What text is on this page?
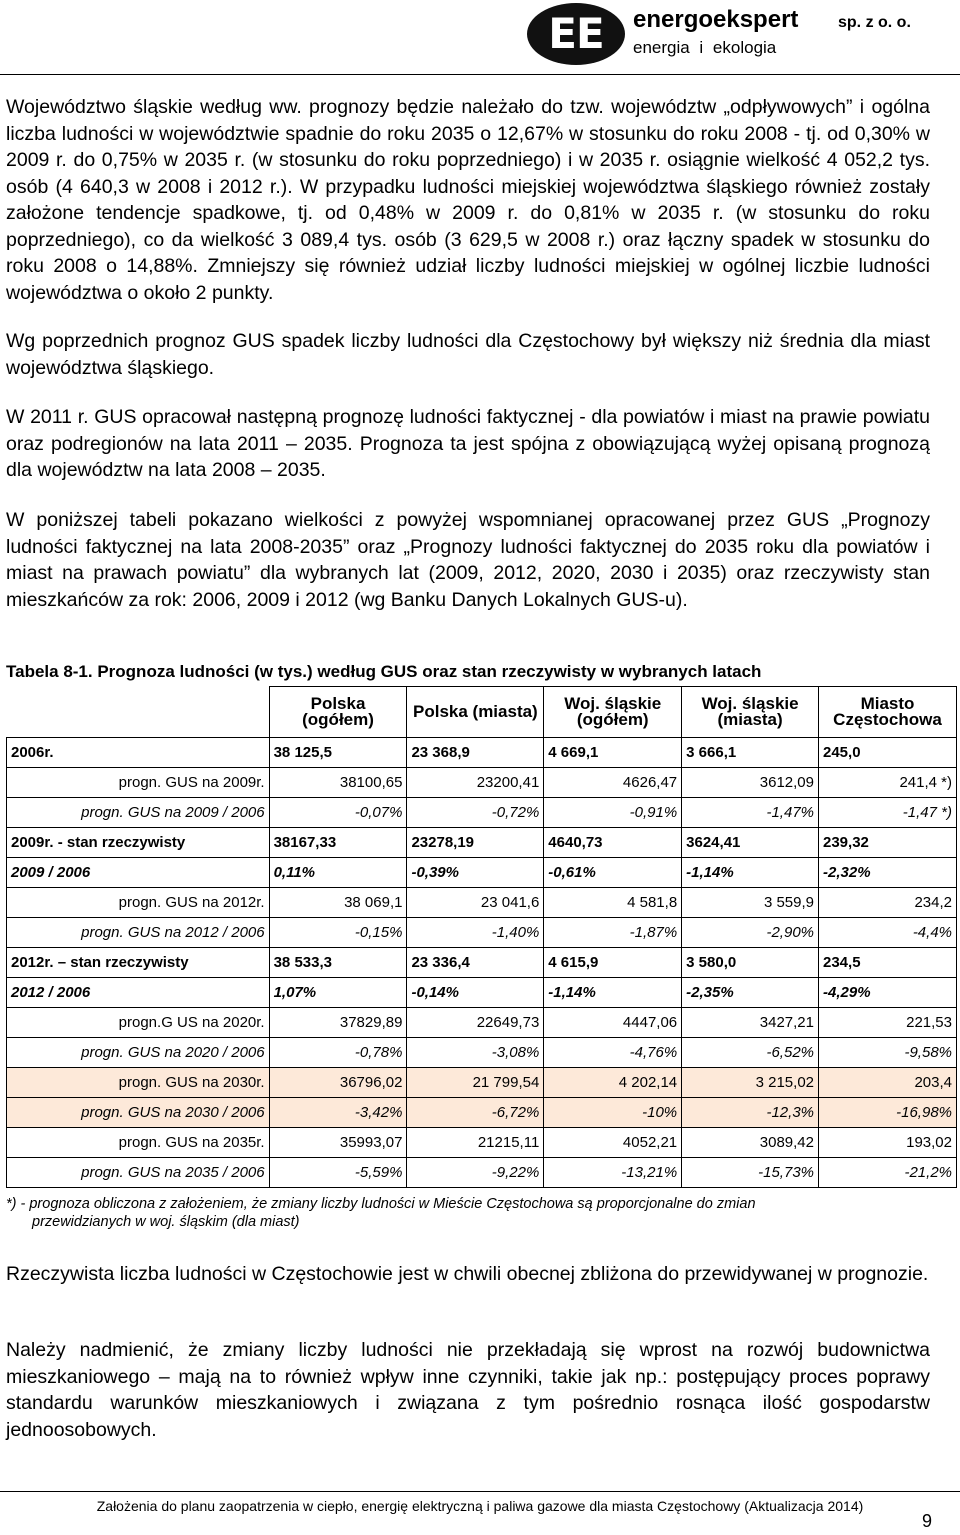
EE	energoekspert sp. z o. o.
energia i ekologia

Województwo śląskie według ww. prognozy będzie należało do tzw. województw „odpływowych” i ogólna liczba ludności w województwie spadnie do roku 2035 o 12,67% w stosunku do roku 2008 - tj. od 0,30% w 2009 r. do 0,75% w 2035 r. (w stosunku do roku poprzedniego) i w 2035 r. osiągnie wielkość 4 052,2 tys. osób (4 640,3 w 2008 i 2012 r.). W przypadku ludności miejskiej województwa śląskiego również zostały założone tendencje spadkowe, tj. od 0,48% w 2009 r. do 0,81% w 2035 r. (w stosunku do roku poprzedniego), co da wielkość 3 089,4 tys. osób (3 629,5 w 2008 r.) oraz łączny spadek w stosunku do roku 2008 o 14,88%. Zmniejszy się również udział liczby ludności miejskiej w ogólnej liczbie ludności województwa o około 2 punkty.

Wg poprzednich prognoz GUS spadek liczby ludności dla Częstochowy był większy niż średnia dla miast województwa śląskiego.

W 2011 r. GUS opracował następną prognozę ludności faktycznej - dla powiatów i miast na prawie powiatu oraz podregionów na lata 2011 – 2035. Prognoza ta jest spójna z obowiązującą wyżej opisaną prognozą dla województw na lata 2008 – 2035.

W poniższej tabeli pokazano wielkości z powyżej wspomnianej opracowanej przez GUS „Prognozy ludności faktycznej na lata 2008-2035” oraz „Prognozy ludności faktycznej do 2035 roku dla powiatów i miast na prawach powiatu” dla wybranych lat (2009, 2012, 2020, 2030 i 2035) oraz rzeczywisty stan mieszkańców za rok: 2006, 2009 i 2012 (wg Banku Danych Lokalnych GUS-u).

Tabela 8-1. Prognoza ludności (w tys.) według GUS oraz stan rzeczywisty w wybranych latach

	Polska (ogółem)	Polska (miasta)	Woj. śląskie (ogółem)	Woj. śląskie (miasta)	Miasto Częstochowa
2006r.	38 125,5	23 368,9	4 669,1	3 666,1	245,0
progn. GUS na 2009r.	38100,65	23200,41	4626,47	3612,09	241,4 *)
progn. GUS na 2009 / 2006	-0,07%	-0,72%	-0,91%	-1,47%	-1,47 *)
2009r. - stan rzeczywisty	38167,33	23278,19	4640,73	3624,41	239,32
2009 / 2006	0,11%	-0,39%	-0,61%	-1,14%	-2,32%
progn. GUS na 2012r.	38 069,1	23 041,6	4 581,8	3 559,9	234,2
progn. GUS na 2012 / 2006	-0,15%	-1,40%	-1,87%	-2,90%	-4,4%
2012r. – stan rzeczywisty	38 533,3	23 336,4	4 615,9	3 580,0	234,5
2012 / 2006	1,07%	-0,14%	-1,14%	-2,35%	-4,29%
progn.G US na 2020r.	37829,89	22649,73	4447,06	3427,21	221,53
progn. GUS na 2020 / 2006	-0,78%	-3,08%	-4,76%	-6,52%	-9,58%
progn. GUS na 2030r.	36796,02	21 799,54	4 202,14	3 215,02	203,4
progn. GUS na 2030 / 2006	-3,42%	-6,72%	-10%	-12,3%	-16,98%
progn. GUS na 2035r.	35993,07	21215,11	4052,21	3089,42	193,02
progn. GUS na 2035 / 2006	-5,59%	-9,22%	-13,21%	-15,73%	-21,2%

*) - prognoza obliczona z założeniem, że zmiany liczby ludności w Mieście Częstochowa są proporcjonalne do zmian
przewidzianych w woj. śląskim (dla miast)

Rzeczywista liczba ludności w Częstochowie jest w chwili obecnej zbliżona do przewidywanej w prognozie.

Należy nadmienić, że zmiany liczby ludności nie przekładają się wprost na rozwój budownictwa mieszkaniowego – mają na to również wpływ inne czynniki, takie jak np.: postępujący proces poprawy standardu warunków mieszkaniowych i związana z tym pośrednio rosnąca ilość gospodarstw jednoosobowych.

Założenia do planu zaopatrzenia w ciepło, energię elektryczną i paliwa gazowe dla miasta Częstochowy (Aktualizacja 2014)
9
